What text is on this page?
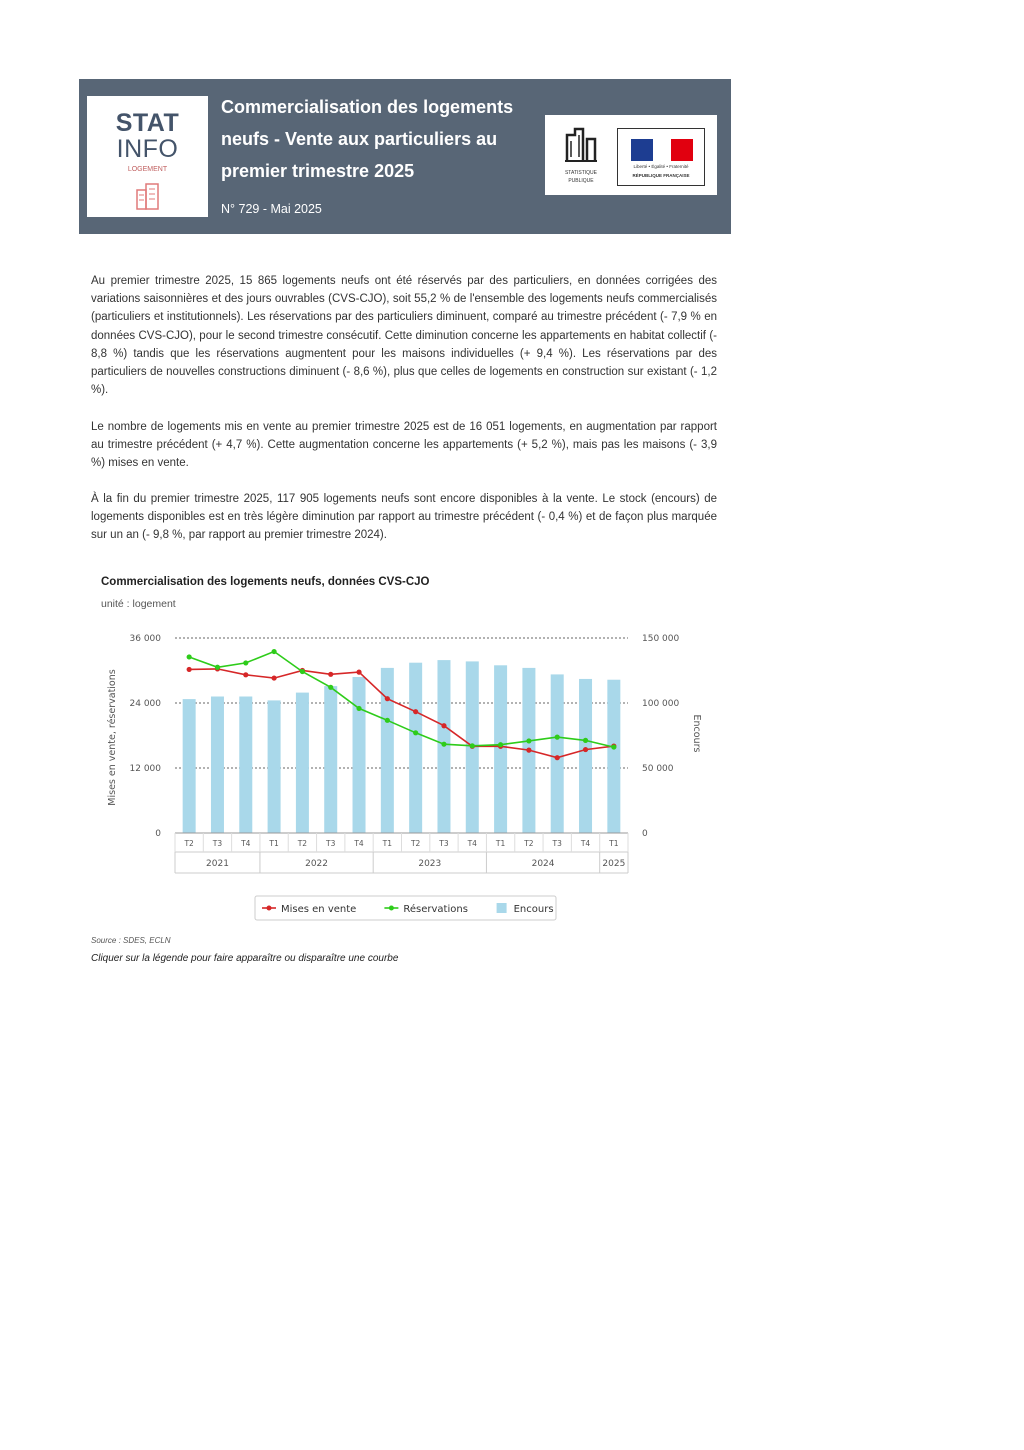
STAT
INFO
LOGEMENT
Commercialisation des logements neufs - Vente aux particuliers au premier trimestre 2025
N° 729 - Mai 2025
STATISTIQUE
PUBLIQUE
Liberté • Égalité • Fraternité
RÉPUBLIQUE FRANÇAISE

Au premier trimestre 2025, 15 865 logements neufs ont été réservés par des particuliers, en données corrigées des variations saisonnières et des jours ouvrables (CVS-CJO), soit 55,2 % de l'ensemble des logements neufs commercialisés (particuliers et institutionnels). Les réservations par des particuliers diminuent, comparé au trimestre précédent (- 7,9 % en données CVS-CJO), pour le second trimestre consécutif. Cette diminution concerne les appartements en habitat collectif (- 8,8 %) tandis que les réservations augmentent pour les maisons individuelles (+ 9,4 %). Les réservations par des particuliers de nouvelles constructions diminuent (- 8,6 %), plus que celles de logements en construction sur existant (- 1,2 %).

Le nombre de logements mis en vente au premier trimestre 2025 est de 16 051 logements, en augmentation par rapport au trimestre précédent (+ 4,7 %). Cette augmentation concerne les appartements (+ 5,2 %), mais pas les maisons (- 3,9 %) mises en vente.

À la fin du premier trimestre 2025, 117 905 logements neufs sont encore disponibles à la vente. Le stock (encours) de logements disponibles est en très légère diminution par rapport au trimestre précédent (- 0,4 %) et de façon plus marquée sur un an (- 9,8 %, par rapport au premier trimestre 2024).

Commercialisation des logements neufs, données CVS-CJO
unité : logement
36 000	150 000
24 000	100 000
12 000	50 000
0	0
T2	T3	T4	T1	T2	T3	T4	T1	T2	T3	T4	T1	T2	T3	T4	T1
2021	2022	2023	2024	2025
Mises en vente, réservations	Encours
Mises en vente	Réservations	Encours
Source : SDES, ECLN
Cliquer sur la légende pour faire apparaître ou disparaître une courbe
